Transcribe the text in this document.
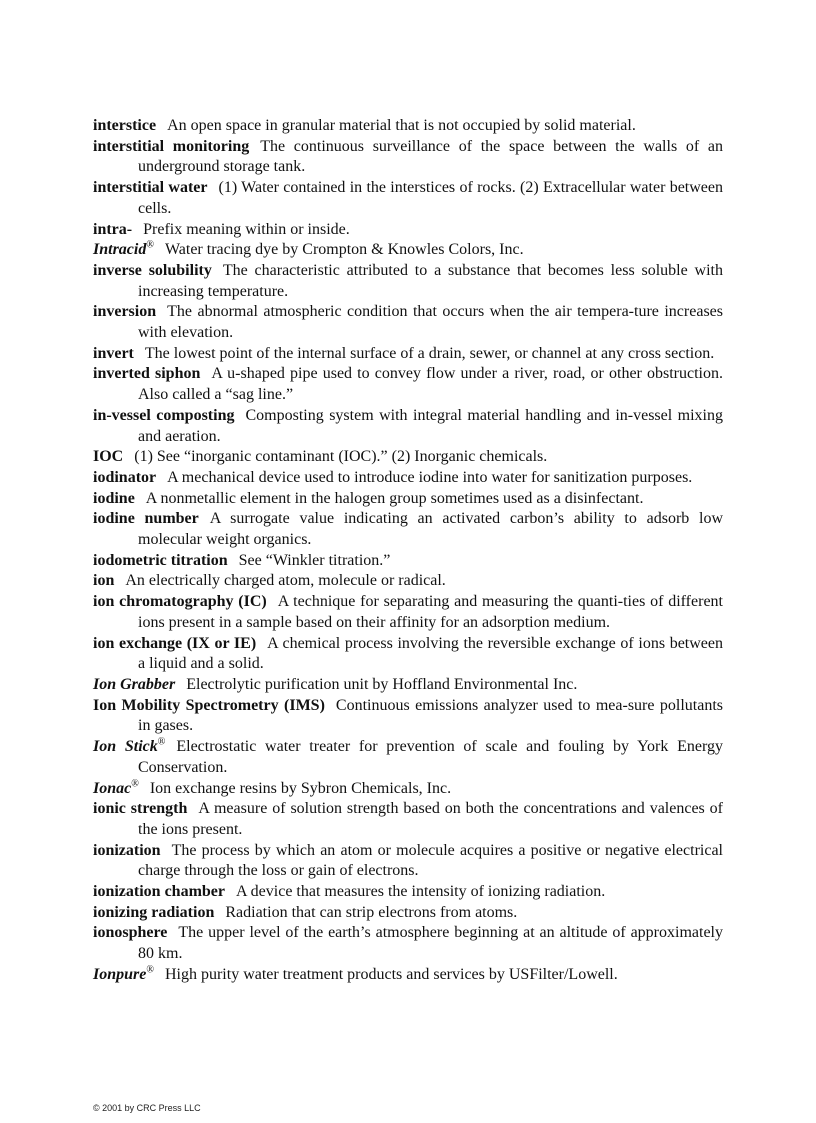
interstice An open space in granular material that is not occupied by solid material.
interstitial monitoring The continuous surveillance of the space between the walls of an underground storage tank.
interstitial water (1) Water contained in the interstices of rocks. (2) Extracellular water between cells.
intra- Prefix meaning within or inside.
Intracid® Water tracing dye by Crompton & Knowles Colors, Inc.
inverse solubility The characteristic attributed to a substance that becomes less soluble with increasing temperature.
inversion The abnormal atmospheric condition that occurs when the air tempera-ture increases with elevation.
invert The lowest point of the internal surface of a drain, sewer, or channel at any cross section.
inverted siphon A u-shaped pipe used to convey flow under a river, road, or other obstruction. Also called a “sag line.”
in-vessel composting Composting system with integral material handling and in-vessel mixing and aeration.
IOC (1) See “inorganic contaminant (IOC).” (2) Inorganic chemicals.
iodinator A mechanical device used to introduce iodine into water for sanitization purposes.
iodine A nonmetallic element in the halogen group sometimes used as a disinfectant.
iodine number A surrogate value indicating an activated carbon’s ability to adsorb low molecular weight organics.
iodometric titration See “Winkler titration.”
ion An electrically charged atom, molecule or radical.
ion chromatography (IC) A technique for separating and measuring the quanti-ties of different ions present in a sample based on their affinity for an adsorption medium.
ion exchange (IX or IE) A chemical process involving the reversible exchange of ions between a liquid and a solid.
Ion Grabber Electrolytic purification unit by Hoffland Environmental Inc.
Ion Mobility Spectrometry (IMS) Continuous emissions analyzer used to mea-sure pollutants in gases.
Ion Stick® Electrostatic water treater for prevention of scale and fouling by York Energy Conservation.
Ionac® Ion exchange resins by Sybron Chemicals, Inc.
ionic strength A measure of solution strength based on both the concentrations and valences of the ions present.
ionization The process by which an atom or molecule acquires a positive or negative electrical charge through the loss or gain of electrons.
ionization chamber A device that measures the intensity of ionizing radiation.
ionizing radiation Radiation that can strip electrons from atoms.
ionosphere The upper level of the earth’s atmosphere beginning at an altitude of approximately 80 km.
Ionpure® High purity water treatment products and services by USFilter/Lowell.
© 2001 by CRC Press LLC
